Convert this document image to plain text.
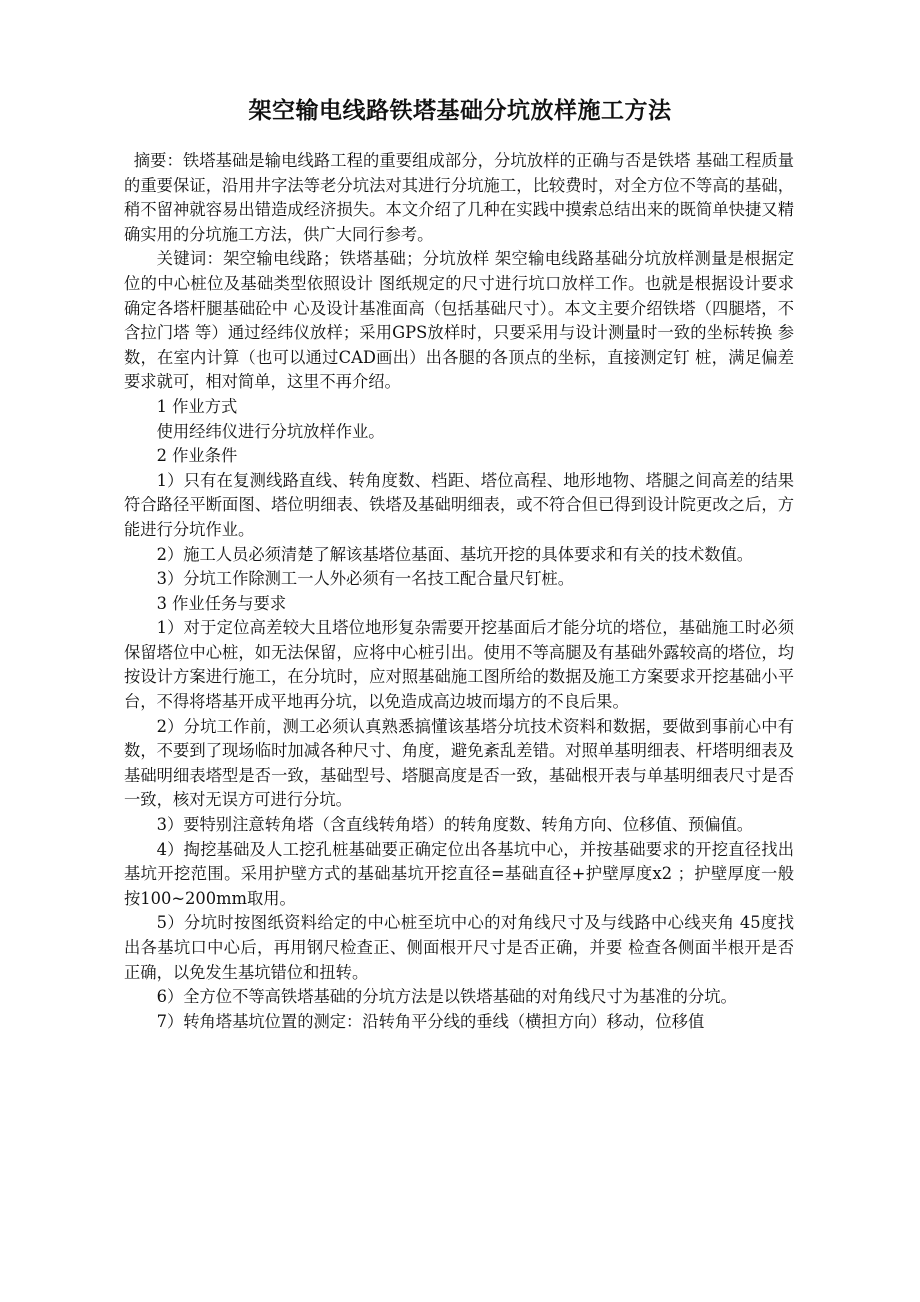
架空输电线路铁塔基础分坑放样施工方法

摘要：铁塔基础是输电线路工程的重要组成部分，分坑放样的正确与否是铁塔 基础工程质量的重要保证，沿用井字法等老分坑法对其进行分坑施工，比较费时，对全方位不等高的基础，稍不留神就容易出错造成经济损失。本文介绍了几种在实践中摸索总结出来的既简单快捷又精确实用的分坑施工方法，供广大同行参考。

关键词：架空输电线路；铁塔基础；分坑放样 架空输电线路基础分坑放样测量是根据定位的中心桩位及基础类型依照设计 图纸规定的尺寸进行坑口放样工作。也就是根据设计要求确定各塔杆腿基础砼中 心及设计基准面高（包括基础尺寸）。本文主要介绍铁塔（四腿塔，不含拉门塔 等）通过经纬仪放样；采用GPS放样时，只要采用与设计测量时一致的坐标转换 参数，在室内计算（也可以通过CAD画出）出各腿的各顶点的坐标，直接测定钉 桩，满足偏差要求就可，相对简单，这里不再介绍。

1 作业方式

使用经纬仪进行分坑放样作业。

2 作业条件

1）只有在复测线路直线、转角度数、档距、塔位高程、地形地物、塔腿之间高差的结果符合路径平断面图、塔位明细表、铁塔及基础明细表，或不符合但已得到设计院更改之后，方能进行分坑作业。

2）施工人员必须清楚了解该基塔位基面、基坑开挖的具体要求和有关的技术数值。

3）分坑工作除测工一人外必须有一名技工配合量尺钉桩。

3 作业任务与要求

1）对于定位高差较大且塔位地形复杂需要开挖基面后才能分坑的塔位，基础施工时必须保留塔位中心桩，如无法保留，应将中心桩引出。使用不等高腿及有基础外露较高的塔位，均按设计方案进行施工，在分坑时，应对照基础施工图所给的数据及施工方案要求开挖基础小平台，不得将塔基开成平地再分坑，以免造成高边坡而塌方的不良后果。

2）分坑工作前，测工必须认真熟悉搞懂该基塔分坑技术资料和数据，要做到事前心中有数，不要到了现场临时加减各种尺寸、角度，避免紊乱差错。对照单基明细表、杆塔明细表及基础明细表塔型是否一致，基础型号、塔腿高度是否一致，基础根开表与单基明细表尺寸是否一致，核对无误方可进行分坑。

3）要特别注意转角塔（含直线转角塔）的转角度数、转角方向、位移值、预偏值。

4）掏挖基础及人工挖孔桩基础要正确定位出各基坑中心，并按基础要求的开挖直径找出基坑开挖范围。采用护壁方式的基础基坑开挖直径=基础直径+护壁厚度x2 ；护壁厚度一般按100~200mm取用。

5）分坑时按图纸资料给定的中心桩至坑中心的对角线尺寸及与线路中心线夹角 45度找出各基坑口中心后，再用钢尺检查正、侧面根开尺寸是否正确，并要 检查各侧面半根开是否正确，以免发生基坑错位和扭转。

6）全方位不等高铁塔基础的分坑方法是以铁塔基础的对角线尺寸为基准的分坑。

7）转角塔基坑位置的测定：沿转角平分线的垂线（横担方向）移动，位移值
